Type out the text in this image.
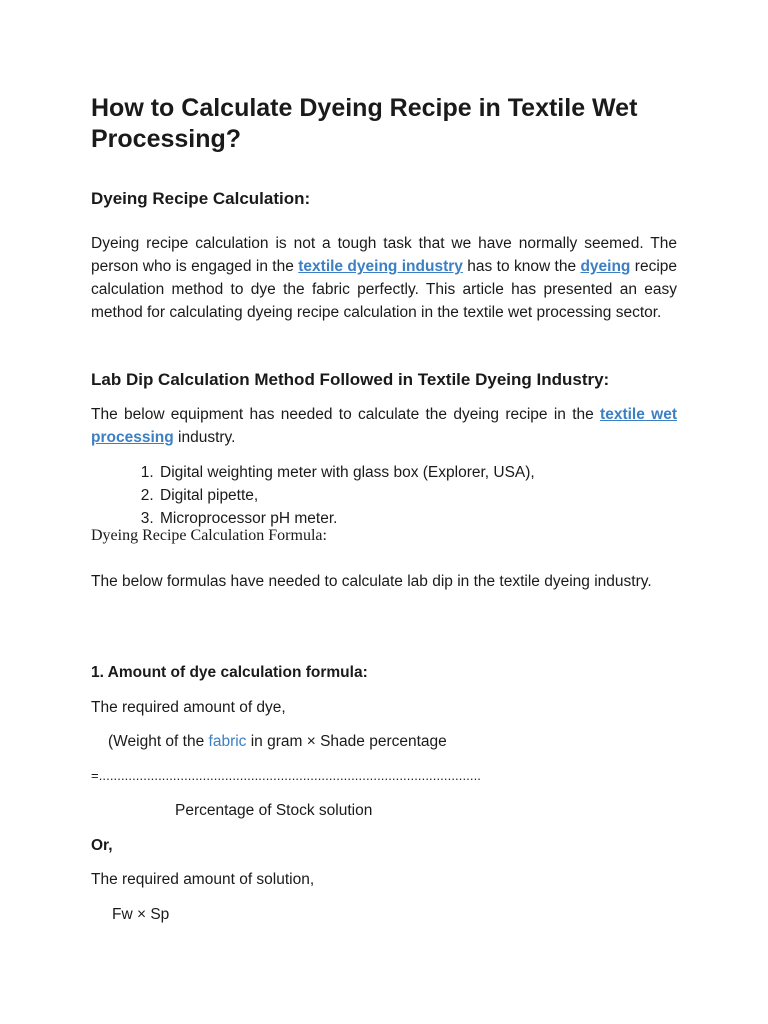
How to Calculate Dyeing Recipe in Textile Wet Processing?
Dyeing Recipe Calculation:

Dyeing recipe calculation is not a tough task that we have normally seemed. The person who is engaged in the textile dyeing industry has to know the dyeing recipe calculation method to dye the fabric perfectly. This article has presented an easy method for calculating dyeing recipe calculation in the textile wet processing sector.

Lab Dip Calculation Method Followed in Textile Dyeing Industry:

The below equipment has needed to calculate the dyeing recipe in the textile wet processing industry.

1. Digital weighting meter with glass box (Explorer, USA),
2. Digital pipette,
3. Microprocessor pH meter.
Dyeing Recipe Calculation Formula:

The below formulas have needed to calculate lab dip in the textile dyeing industry.

1. Amount of dye calculation formula:
The required amount of dye,
(Weight of the fabric in gram × Shade percentage
=.......................................................................................................
Percentage of Stock solution
Or,
The required amount of solution,
Fw × Sp
